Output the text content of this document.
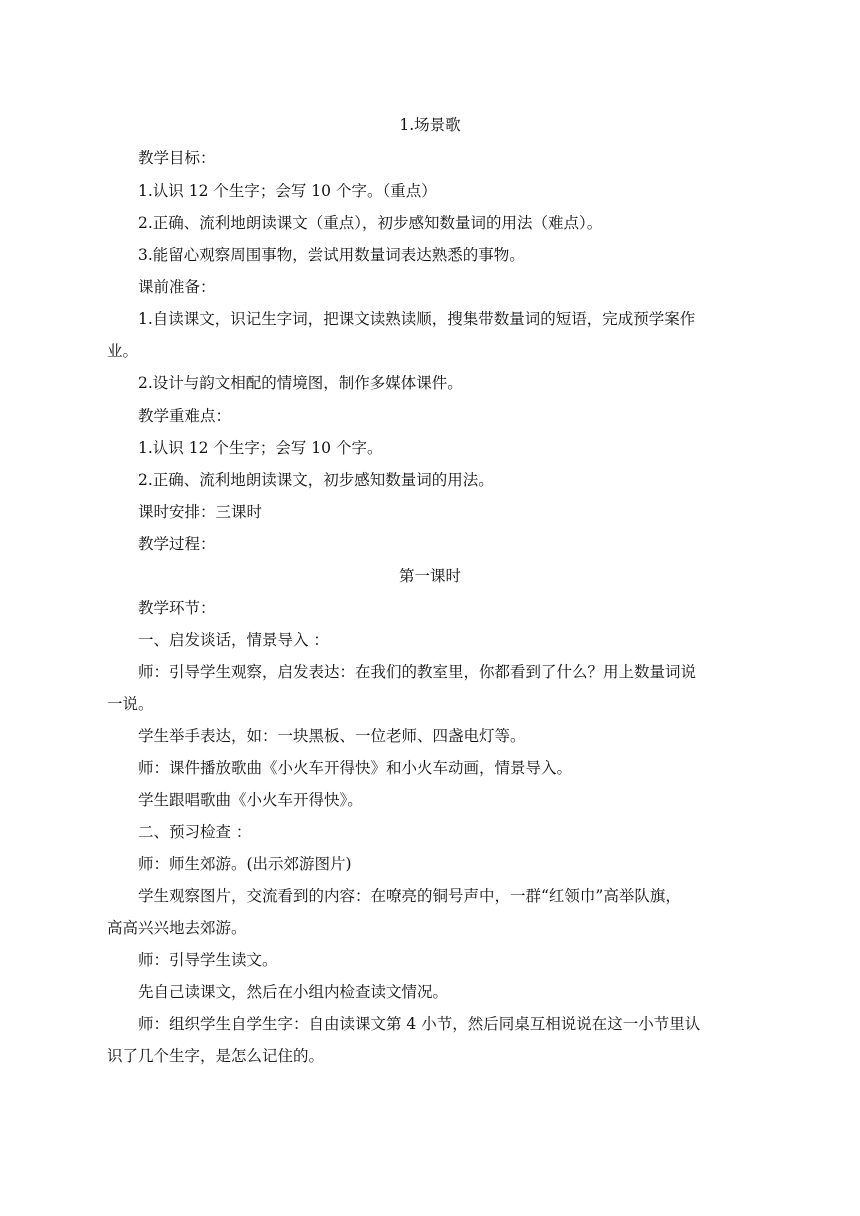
1.场景歌
教学目标：
1.认识 12 个生字；会写 10 个字。（重点）
2.正确、流利地朗读课文（重点），初步感知数量词的用法（难点）。
3.能留心观察周围事物，尝试用数量词表达熟悉的事物。
课前准备：
1.自读课文，识记生字词，把课文读熟读顺，搜集带数量词的短语，完成预学案作
业。
2.设计与韵文相配的情境图，制作多媒体课件。
教学重难点：
1.认识 12 个生字；会写 10 个字。
2.正确、流利地朗读课文，初步感知数量词的用法。
课时安排：三课时
教学过程：
第一课时
教学环节：
一、启发谈话，情景导入 ：
师：引导学生观察，启发表达：在我们的教室里，你都看到了什么？用上数量词说
一说。
学生举手表达，如：一块黑板、一位老师、四盏电灯等。
师：课件播放歌曲《小火车开得快》和小火车动画，情景导入。
学生跟唱歌曲《小火车开得快》。
二、预习检查 ：
师：师生郊游。(出示郊游图片)
学生观察图片，交流看到的内容：在嘹亮的铜号声中，一群“红领巾”高举队旗，
高高兴兴地去郊游。
师：引导学生读文。
先自己读课文，然后在小组内检查读文情况。
师：组织学生自学生字：自由读课文第 4 小节，然后同桌互相说说在这一小节里认
识了几个生字，是怎么记住的。
